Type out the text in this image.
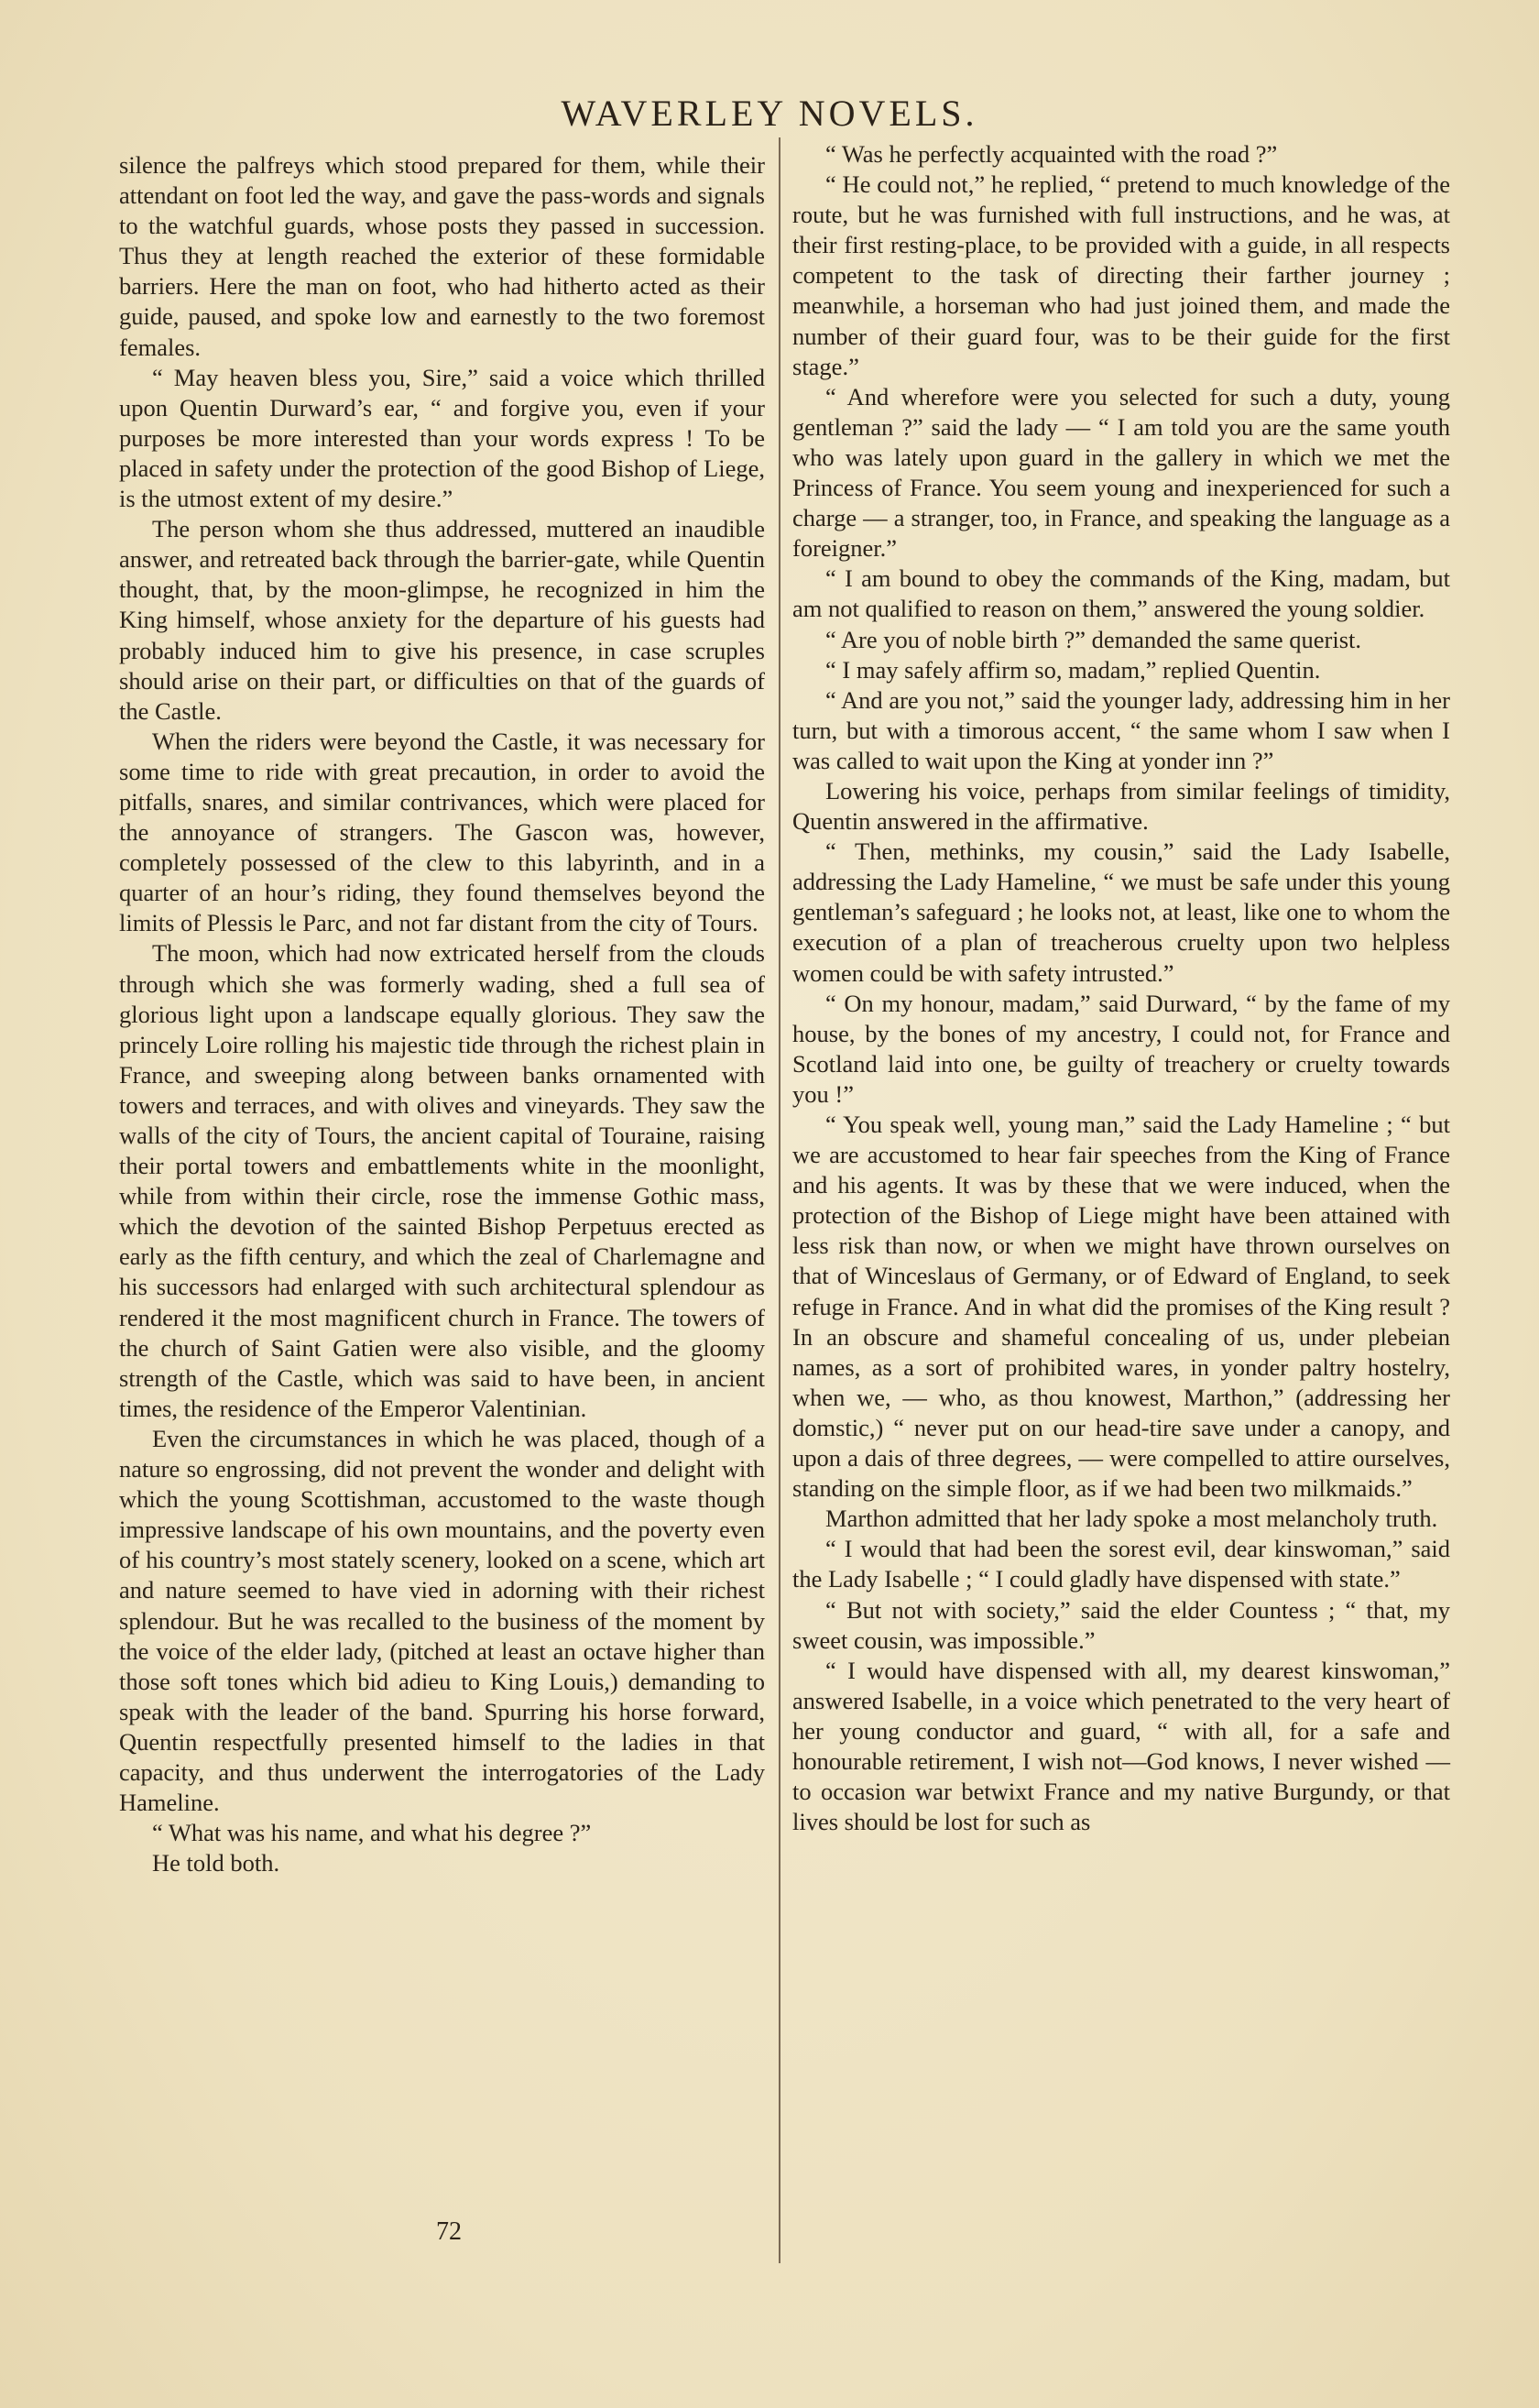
WAVERLEY NOVELS.

silence the palfreys which stood prepared for them, while their attendant on foot led the way, and gave the pass-words and signals to the watchful guards, whose posts they passed in succession. Thus they at length reached the exterior of these formidable barriers. Here the man on foot, who had hitherto acted as their guide, paused, and spoke low and earnestly to the two foremost females.

“ May heaven bless you, Sire,” said a voice which thrilled upon Quentin Durward’s ear, “ and forgive you, even if your purposes be more interested than your words express ! To be placed in safety under the protection of the good Bishop of Liege, is the utmost extent of my desire.”

The person whom she thus addressed, muttered an inaudible answer, and retreated back through the barrier-gate, while Quentin thought, that, by the moon-glimpse, he recognized in him the King himself, whose anxiety for the departure of his guests had probably induced him to give his presence, in case scruples should arise on their part, or difficulties on that of the guards of the Castle.

When the riders were beyond the Castle, it was necessary for some time to ride with great precaution, in order to avoid the pitfalls, snares, and similar contrivances, which were placed for the annoyance of strangers. The Gascon was, however, completely possessed of the clew to this labyrinth, and in a quarter of an hour’s riding, they found themselves beyond the limits of Plessis le Parc, and not far distant from the city of Tours.

The moon, which had now extricated herself from the clouds through which she was formerly wading, shed a full sea of glorious light upon a landscape equally glorious. They saw the princely Loire rolling his majestic tide through the richest plain in France, and sweeping along between banks ornamented with towers and terraces, and with olives and vineyards. They saw the walls of the city of Tours, the ancient capital of Touraine, raising their portal towers and embattlements white in the moonlight, while from within their circle, rose the immense Gothic mass, which the devotion of the sainted Bishop Perpetuus erected as early as the fifth century, and which the zeal of Charlemagne and his successors had enlarged with such architectural splendour as rendered it the most magnificent church in France. The towers of the church of Saint Gatien were also visible, and the gloomy strength of the Castle, which was said to have been, in ancient times, the residence of the Emperor Valentinian.

Even the circumstances in which he was placed, though of a nature so engrossing, did not prevent the wonder and delight with which the young Scottishman, accustomed to the waste though impressive landscape of his own mountains, and the poverty even of his country’s most stately scenery, looked on a scene, which art and nature seemed to have vied in adorning with their richest splendour. But he was recalled to the business of the moment by the voice of the elder lady, (pitched at least an octave higher than those soft tones which bid adieu to King Louis,) demanding to speak with the leader of the band. Spurring his horse forward, Quentin respectfully presented himself to the ladies in that capacity, and thus underwent the interrogatories of the Lady Hameline.

“ What was his name, and what his degree ?”

He told both.

“ Was he perfectly acquainted with the road ?”

“ He could not,” he replied, “ pretend to much knowledge of the route, but he was furnished with full instructions, and he was, at their first resting-place, to be provided with a guide, in all respects competent to the task of directing their farther journey ; meanwhile, a horseman who had just joined them, and made the number of their guard four, was to be their guide for the first stage.”

“ And wherefore were you selected for such a duty, young gentleman ?” said the lady — “ I am told you are the same youth who was lately upon guard in the gallery in which we met the Princess of France. You seem young and inexperienced for such a charge — a stranger, too, in France, and speaking the language as a foreigner.”

“ I am bound to obey the commands of the King, madam, but am not qualified to reason on them,” answered the young soldier.

“ Are you of noble birth ?” demanded the same querist.

“ I may safely affirm so, madam,” replied Quentin.

“ And are you not,” said the younger lady, addressing him in her turn, but with a timorous accent, “ the same whom I saw when I was called to wait upon the King at yonder inn ?”

Lowering his voice, perhaps from similar feelings of timidity, Quentin answered in the affirmative.

“ Then, methinks, my cousin,” said the Lady Isabelle, addressing the Lady Hameline, “ we must be safe under this young gentleman’s safeguard ; he looks not, at least, like one to whom the execution of a plan of treacherous cruelty upon two helpless women could be with safety intrusted.”

“ On my honour, madam,” said Durward, “ by the fame of my house, by the bones of my ancestry, I could not, for France and Scotland laid into one, be guilty of treachery or cruelty towards you !”

“ You speak well, young man,” said the Lady Hameline ; “ but we are accustomed to hear fair speeches from the King of France and his agents. It was by these that we were induced, when the protection of the Bishop of Liege might have been attained with less risk than now, or when we might have thrown ourselves on that of Winceslaus of Germany, or of Edward of England, to seek refuge in France. And in what did the promises of the King result ? In an obscure and shameful concealing of us, under plebeian names, as a sort of prohibited wares, in yonder paltry hostelry, when we, — who, as thou knowest, Marthon,” (addressing her domstic,) “ never put on our head-tire save under a canopy, and upon a dais of three degrees, — were compelled to attire ourselves, standing on the simple floor, as if we had been two milkmaids.”

Marthon admitted that her lady spoke a most melancholy truth.

“ I would that had been the sorest evil, dear kinswoman,” said the Lady Isabelle ; “ I could gladly have dispensed with state.”

“ But not with society,” said the elder Countess ; “ that, my sweet cousin, was impossible.”

“ I would have dispensed with all, my dearest kinswoman,” answered Isabelle, in a voice which penetrated to the very heart of her young conductor and guard, “ with all, for a safe and honourable retirement, I wish not—God knows, I never wished — to occasion war betwixt France and my native Burgundy, or that lives should be lost for such as

72
